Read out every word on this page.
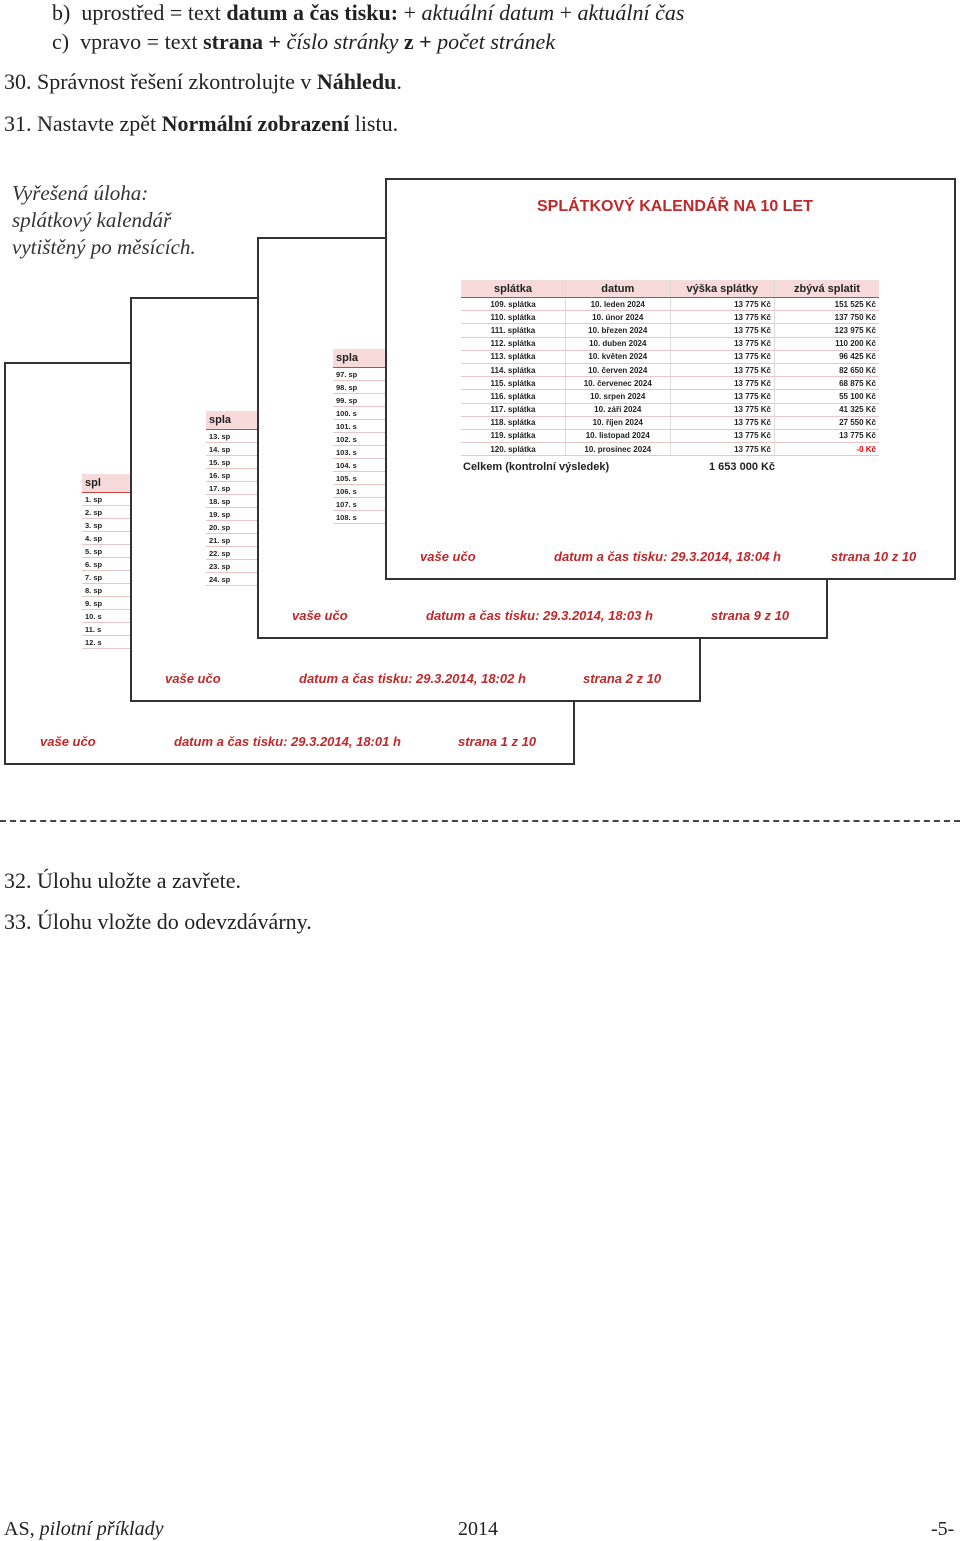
b) uprostřed = text datum a čas tisku: + aktuální datum + aktuální čas
c) vpravo = text strana + číslo stránky z + počet stránek
30. Správnost řešení zkontrolujte v Náhledu.
31. Nastavte zpět Normální zobrazení listu.
Vyřešená úloha:
splátkový kalendář
vytištěný po měsících.
spl
1. sp
2. sp
3. sp
4. sp
5. sp
6. sp
7. sp
8. sp
9. sp
10. s
11. s
12. s
vaše učo	datum a čas tisku: 29.3.2014, 18:01 h	strana 1 z 10
spla
13. sp
14. sp
15. sp
16. sp
17. sp
18. sp
19. sp
20. sp
21. sp
22. sp
23. sp
24. sp
vaše učo	datum a čas tisku: 29.3.2014, 18:02 h	strana 2 z 10
spla
97. sp
98. sp
99. sp
100. s
101. s
102. s
103. s
104. s
105. s
106. s
107. s
108. s
vaše učo	datum a čas tisku: 29.3.2014, 18:03 h	strana 9 z 10
SPLÁTKOVÝ KALENDÁŘ NA 10 LET
splátka	datum	výška splátky	zbývá splatit
109. splátka	10. leden 2024	13 775 Kč	151 525 Kč
110. splátka	10. únor 2024	13 775 Kč	137 750 Kč
111. splátka	10. březen 2024	13 775 Kč	123 975 Kč
112. splátka	10. duben 2024	13 775 Kč	110 200 Kč
113. splátka	10. květen 2024	13 775 Kč	96 425 Kč
114. splátka	10. červen 2024	13 775 Kč	82 650 Kč
115. splátka	10. červenec 2024	13 775 Kč	68 875 Kč
116. splátka	10. srpen 2024	13 775 Kč	55 100 Kč
117. splátka	10. září 2024	13 775 Kč	41 325 Kč
118. splátka	10. říjen 2024	13 775 Kč	27 550 Kč
119. splátka	10. listopad 2024	13 775 Kč	13 775 Kč
120. splátka	10. prosinec 2024	13 775 Kč	-0 Kč
Celkem (kontrolní výsledek)	1 653 000 Kč
vaše učo	datum a čas tisku: 29.3.2014, 18:04 h	strana 10 z 10
32. Úlohu uložte a zavřete.
33. Úlohu vložte do odevzdávárny.
AS, pilotní příklady	2014	-5-
